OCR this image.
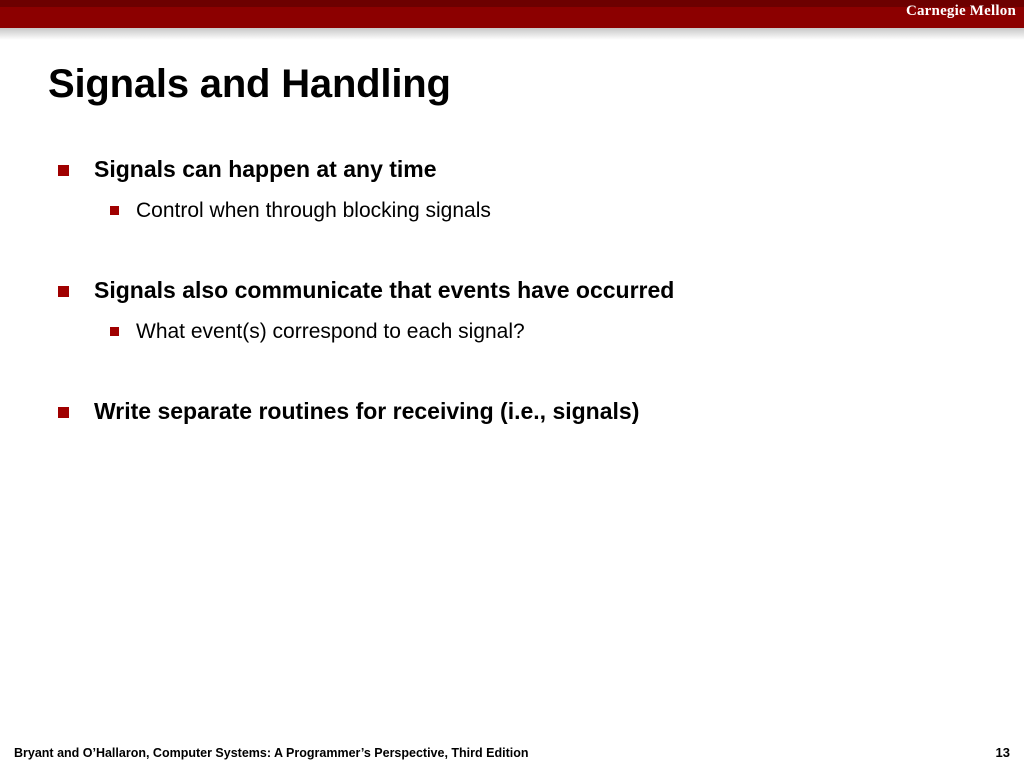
Carnegie Mellon
Signals and Handling
Signals can happen at any time
Control when through blocking signals
Signals also communicate that events have occurred
What event(s) correspond to each signal?
Write separate routines for receiving (i.e., signals)
Bryant and O’Hallaron, Computer Systems: A Programmer’s Perspective, Third Edition	13
